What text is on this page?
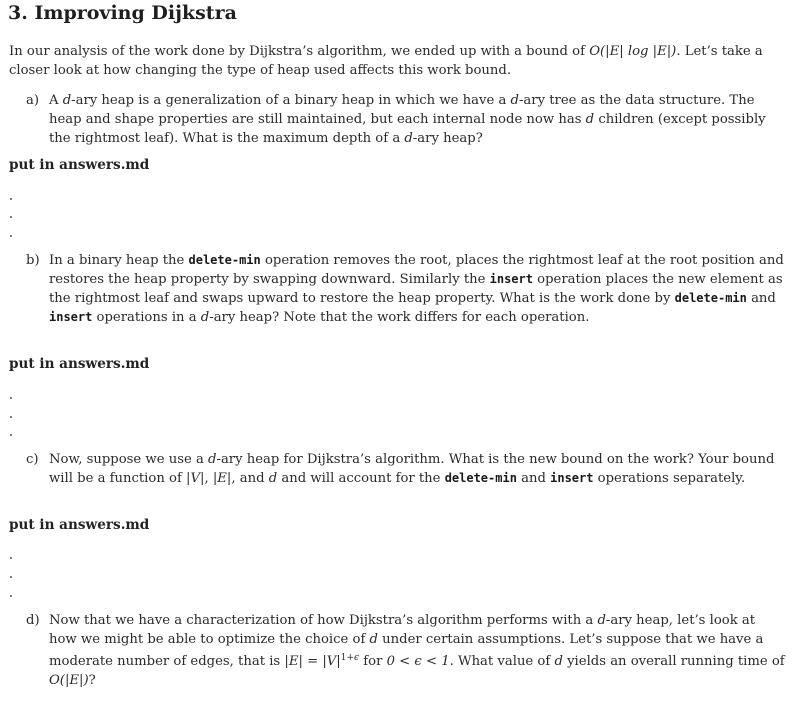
3. Improving Dijkstra

In our analysis of the work done by Dijkstra’s algorithm, we ended up with a bound of O(|E| log |E|). Let’s take a closer look at how changing the type of heap used affects this work bound.

a) A d-ary heap is a generalization of a binary heap in which we have a d-ary tree as the data structure. The heap and shape properties are still maintained, but each internal node now has d children (except possibly the rightmost leaf). What is the maximum depth of a d-ary heap?

put in answers.md

b) In a binary heap the delete-min operation removes the root, places the rightmost leaf at the root position and restores the heap property by swapping downward. Similarly the insert operation places the new element as the rightmost leaf and swaps upward to restore the heap property. What is the work done by delete-min and insert operations in a d-ary heap? Note that the work differs for each operation.

put in answers.md

c) Now, suppose we use a d-ary heap for Dijkstra’s algorithm. What is the new bound on the work? Your bound will be a function of |V|, |E|, and d and will account for the delete-min and insert operations separately.

put in answers.md

d) Now that we have a characterization of how Dijkstra’s algorithm performs with a d-ary heap, let’s look at how we might be able to optimize the choice of d under certain assumptions. Let’s suppose that we have a moderate number of edges, that is $|E| = |V|^{1+\epsilon}$ for 0 < ϵ < 1. What value of d yields an overall running time of O(|E|)?
